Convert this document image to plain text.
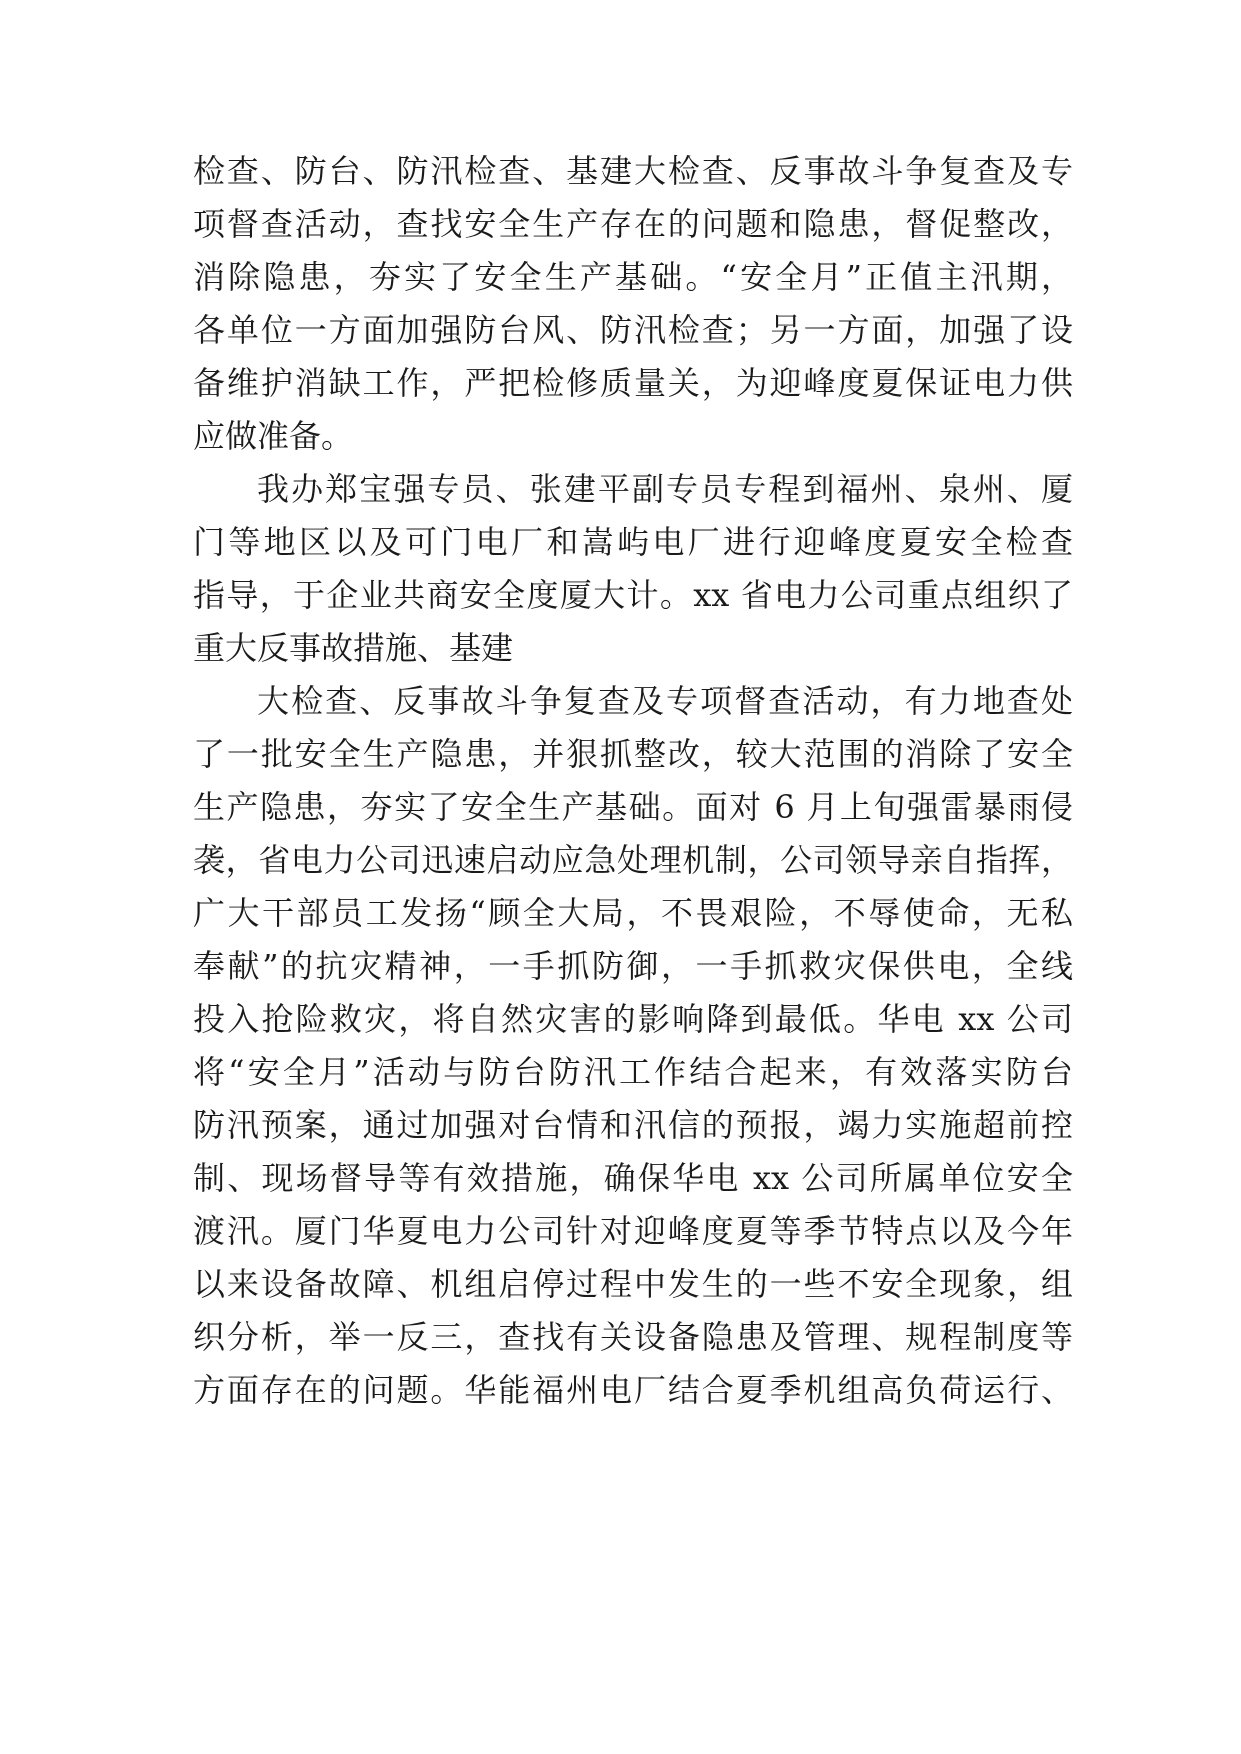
检查、防台、防汛检查、基建大检查、反事故斗争复查及专
项督查活动，查找安全生产存在的问题和隐患，督促整改，
消除隐患，夯实了安全生产基础。“安全月”正值主汛期，
各单位一方面加强防台风、防汛检查；另一方面，加强了设
备维护消缺工作，严把检修质量关，为迎峰度夏保证电力供
应做准备。
我办郑宝强专员、张建平副专员专程到福州、泉州、厦
门等地区以及可门电厂和嵩屿电厂进行迎峰度夏安全检查
指导，于企业共商安全度厦大计。xx 省电力公司重点组织了
重大反事故措施、基建
大检查、反事故斗争复查及专项督查活动，有力地查处
了一批安全生产隐患，并狠抓整改，较大范围的消除了安全
生产隐患，夯实了安全生产基础。面对 6 月上旬强雷暴雨侵
袭，省电力公司迅速启动应急处理机制，公司领导亲自指挥，
广大干部员工发扬“顾全大局，不畏艰险，不辱使命，无私
奉献”的抗灾精神，一手抓防御，一手抓救灾保供电，全线
投入抢险救灾，将自然灾害的影响降到最低。华电 xx 公司
将“安全月”活动与防台防汛工作结合起来，有效落实防台
防汛预案，通过加强对台情和汛信的预报，竭力实施超前控
制、现场督导等有效措施，确保华电 xx 公司所属单位安全
渡汛。厦门华夏电力公司针对迎峰度夏等季节特点以及今年
以来设备故障、机组启停过程中发生的一些不安全现象，组
织分析，举一反三，查找有关设备隐患及管理、规程制度等
方面存在的问题。华能福州电厂结合夏季机组高负荷运行、
